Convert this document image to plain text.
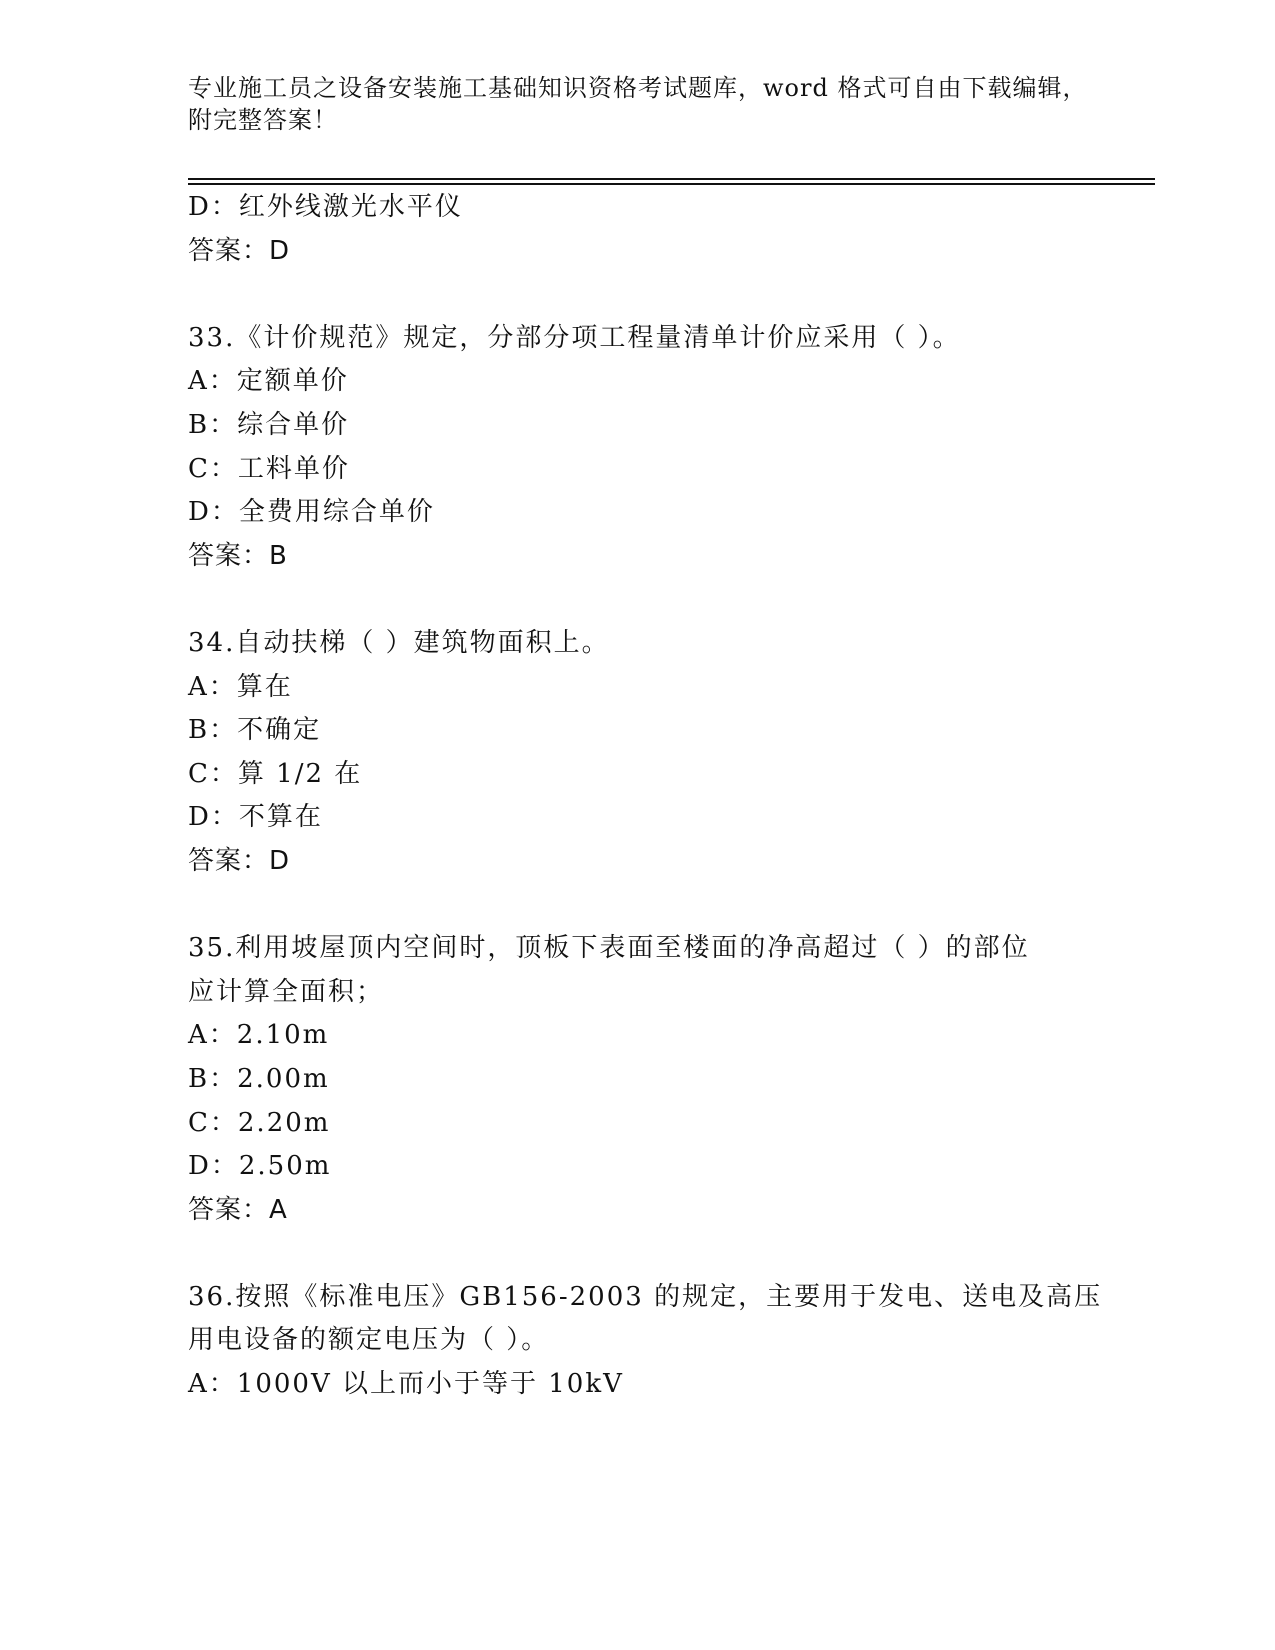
专业施工员之设备安装施工基础知识资格考试题库，word 格式可自由下载编辑，
附完整答案！
D：红外线激光水平仪
答案：D
33.《计价规范》规定，分部分项工程量清单计价应采用（ ）。
A：定额单价
B：综合单价
C：工料单价
D：全费用综合单价
答案：B
34.自动扶梯（ ）建筑物面积上。
A：算在
B：不确定
C：算 1/2 在
D：不算在
答案：D
35.利用坡屋顶内空间时，顶板下表面至楼面的净高超过（ ）的部位
应计算全面积；
A：2.10m
B：2.00m
C：2.20m
D：2.50m
答案：A
36.按照《标准电压》GB156-2003 的规定，主要用于发电、送电及高压
用电设备的额定电压为（ ）。
A：1000V 以上而小于等于 10kV
